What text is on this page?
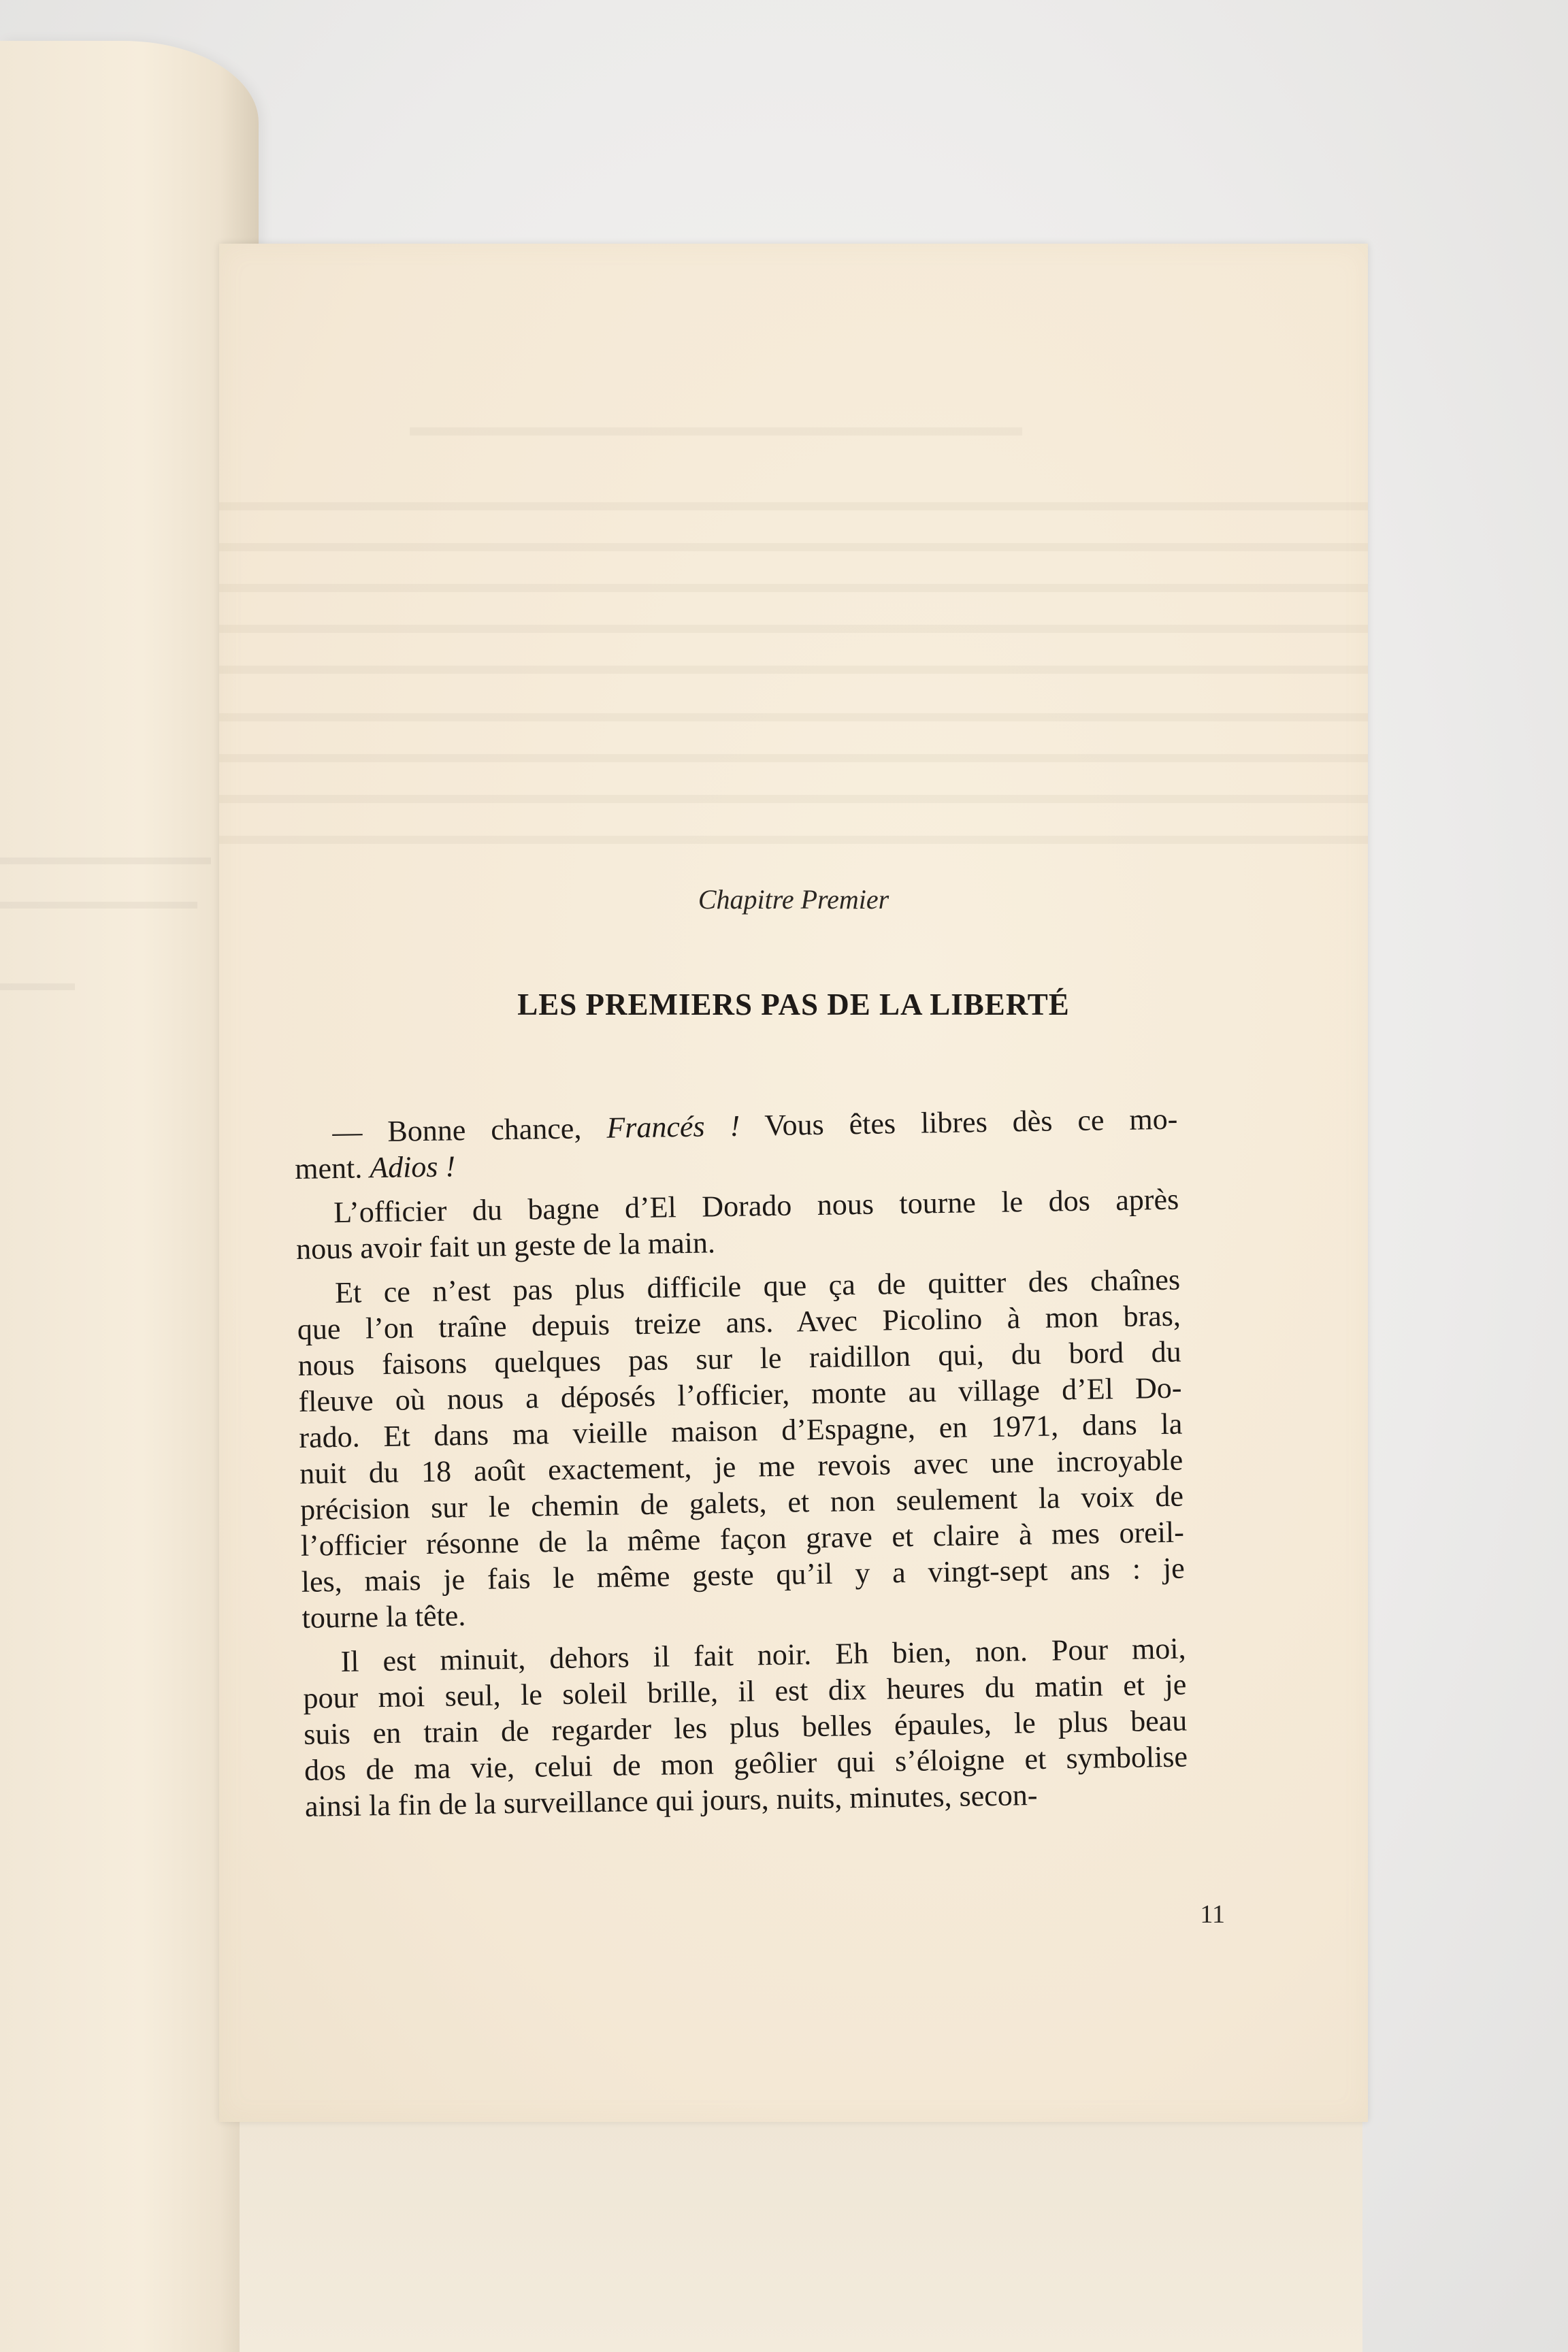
Chapitre Premier

LES PREMIERS PAS DE LA LIBERTÉ
— Bonne chance, Francés ! Vous êtes libres dès ce mo-
ment. Adios !
L’officier du bagne d’El Dorado nous tourne le dos après
nous avoir fait un geste de la main.
Et ce n’est pas plus difficile que ça de quitter des chaînes
que l’on traîne depuis treize ans. Avec Picolino à mon bras,
nous faisons quelques pas sur le raidillon qui, du bord du
fleuve où nous a déposés l’officier, monte au village d’El Do-
rado. Et dans ma vieille maison d’Espagne, en 1971, dans la
nuit du 18 août exactement, je me revois avec une incroyable
précision sur le chemin de galets, et non seulement la voix de
l’officier résonne de la même façon grave et claire à mes oreil-
les, mais je fais le même geste qu’il y a vingt-sept ans : je
tourne la tête.
Il est minuit, dehors il fait noir. Eh bien, non. Pour moi,
pour moi seul, le soleil brille, il est dix heures du matin et je
suis en train de regarder les plus belles épaules, le plus beau
dos de ma vie, celui de mon geôlier qui s’éloigne et symbolise
ainsi la fin de la surveillance qui jours, nuits, minutes, secon-

11
